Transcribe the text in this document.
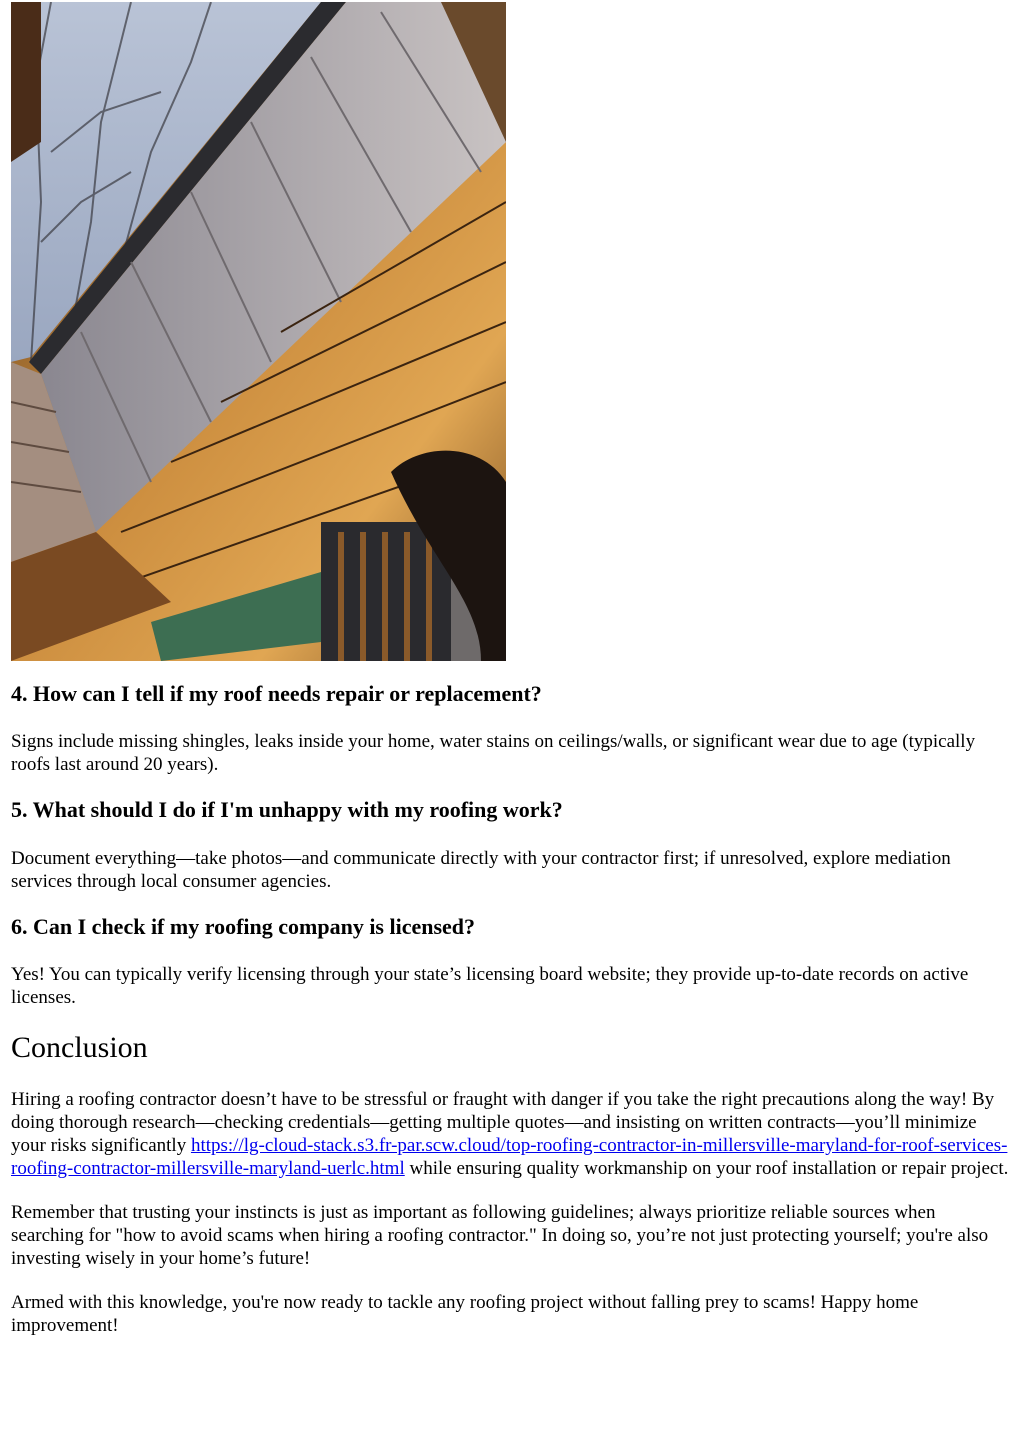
4. How can I tell if my roof needs repair or replacement?

Signs include missing shingles, leaks inside your home, water stains on ceilings/walls, or significant wear due to age (typically roofs last around 20 years).

5. What should I do if I'm unhappy with my roofing work?

Document everything—take photos—and communicate directly with your contractor first; if unresolved, explore mediation services through local consumer agencies.

6. Can I check if my roofing company is licensed?

Yes! You can typically verify licensing through your state’s licensing board website; they provide up-to-date records on active licenses.

Conclusion

Hiring a roofing contractor doesn’t have to be stressful or fraught with danger if you take the right precautions along the way! By doing thorough research—checking credentials—getting multiple quotes—and insisting on written contracts—you’ll minimize your risks significantly https://lg-cloud-stack.s3.fr-par.scw.cloud/top-roofing-contractor-in-millersville-maryland-for-roof-services-roofing-contractor-millersville-maryland-uerlc.html while ensuring quality workmanship on your roof installation or repair project.

Remember that trusting your instincts is just as important as following guidelines; always prioritize reliable sources when searching for "how to avoid scams when hiring a roofing contractor." In doing so, you’re not just protecting yourself; you're also investing wisely in your home’s future!

Armed with this knowledge, you're now ready to tackle any roofing project without falling prey to scams! Happy home improvement!
